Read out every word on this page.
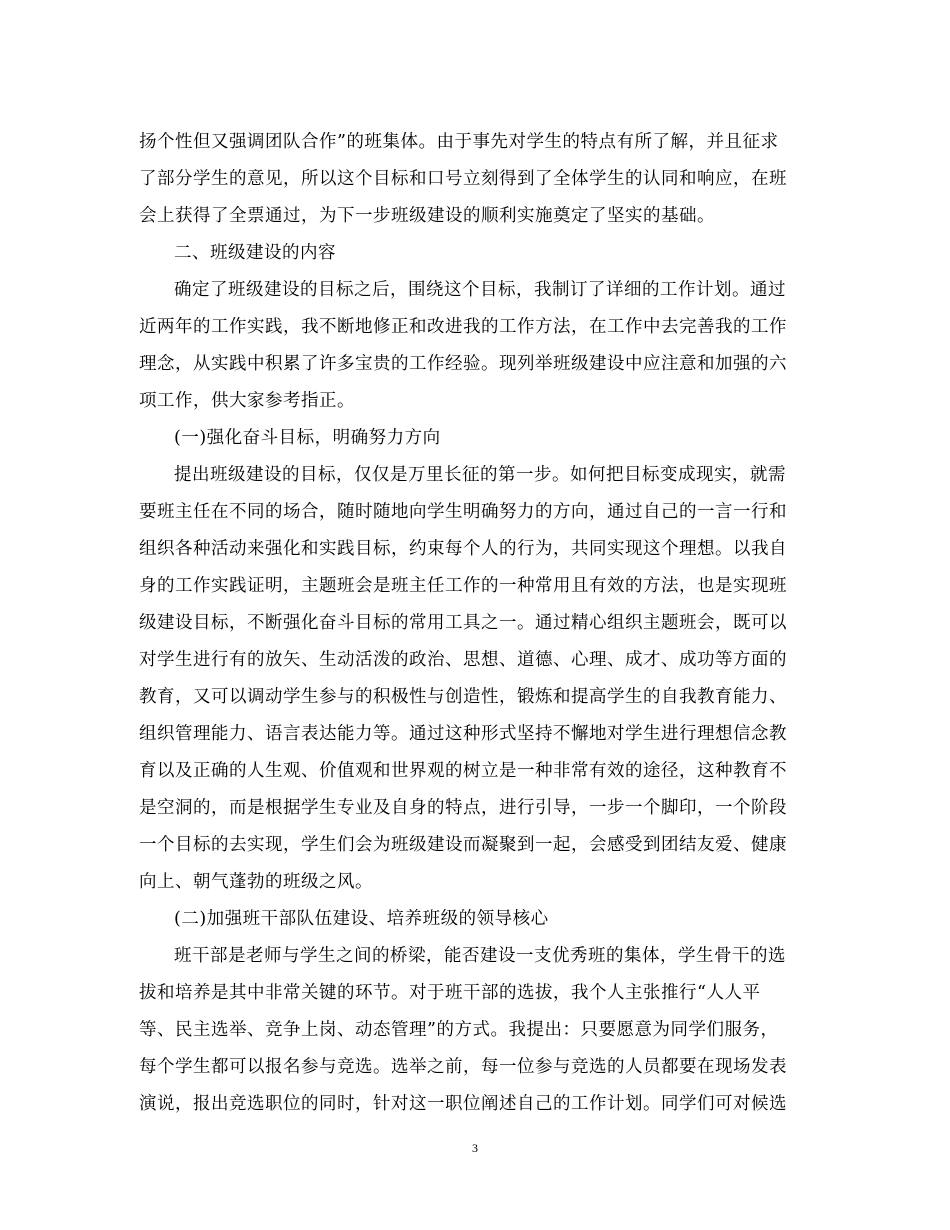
扬个性但又强调团队合作”的班集体。由于事先对学生的特点有所了解，并且征求
了部分学生的意见，所以这个目标和口号立刻得到了全体学生的认同和响应，在班
会上获得了全票通过，为下一步班级建设的顺利实施奠定了坚实的基础。
二、班级建设的内容
确定了班级建设的目标之后，围绕这个目标，我制订了详细的工作计划。通过
近两年的工作实践，我不断地修正和改进我的工作方法，在工作中去完善我的工作
理念，从实践中积累了许多宝贵的工作经验。现列举班级建设中应注意和加强的六
项工作，供大家参考指正。
(一)强化奋斗目标，明确努力方向
提出班级建设的目标，仅仅是万里长征的第一步。如何把目标变成现实，就需
要班主任在不同的场合，随时随地向学生明确努力的方向，通过自己的一言一行和
组织各种活动来强化和实践目标，约束每个人的行为，共同实现这个理想。以我自
身的工作实践证明，主题班会是班主任工作的一种常用且有效的方法，也是实现班
级建设目标，不断强化奋斗目标的常用工具之一。通过精心组织主题班会，既可以
对学生进行有的放矢、生动活泼的政治、思想、道德、心理、成才、成功等方面的
教育，又可以调动学生参与的积极性与创造性，锻炼和提高学生的自我教育能力、
组织管理能力、语言表达能力等。通过这种形式坚持不懈地对学生进行理想信念教
育以及正确的人生观、价值观和世界观的树立是一种非常有效的途径，这种教育不
是空洞的，而是根据学生专业及自身的特点，进行引导，一步一个脚印，一个阶段
一个目标的去实现，学生们会为班级建设而凝聚到一起，会感受到团结友爱、健康
向上、朝气蓬勃的班级之风。
(二)加强班干部队伍建设、培养班级的领导核心
班干部是老师与学生之间的桥梁，能否建设一支优秀班的集体，学生骨干的选
拔和培养是其中非常关键的环节。对于班干部的选拔，我个人主张推行“人人平
等、民主选举、竞争上岗、动态管理”的方式。我提出：只要愿意为同学们服务，
每个学生都可以报名参与竞选。选举之前，每一位参与竞选的人员都要在现场发表
演说，报出竞选职位的同时，针对这一职位阐述自己的工作计划。同学们可对候选
3
